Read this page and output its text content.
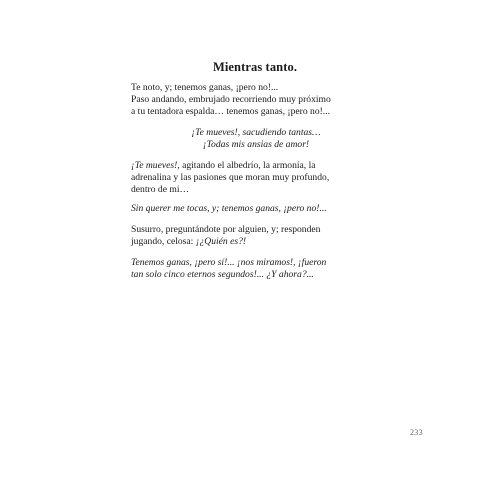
Mientras tanto.
Te noto, y; tenemos ganas, ¡pero no!...
Paso andando, embrujado recorriendo muy próximo
a tu tentadora espalda… tenemos ganas, ¡pero no!...
¡Te mueves!, sacudiendo tantas…
¡Todas mis ansias de amor!
¡Te mueves!, agitando el albedrío, la armonía, la
adrenalina y las pasiones que moran muy profundo,
dentro de mi…
Sin querer me tocas, y; tenemos ganas, ¡pero no!...
Susurro, preguntándote por alguien, y; responden
jugando, celosa: ¡¿Quién es?!
Tenemos ganas, ¡pero sí!... ¡nos miramos!, ¡fueron
tan solo cinco eternos segundos!... ¿Y ahora?...
233
